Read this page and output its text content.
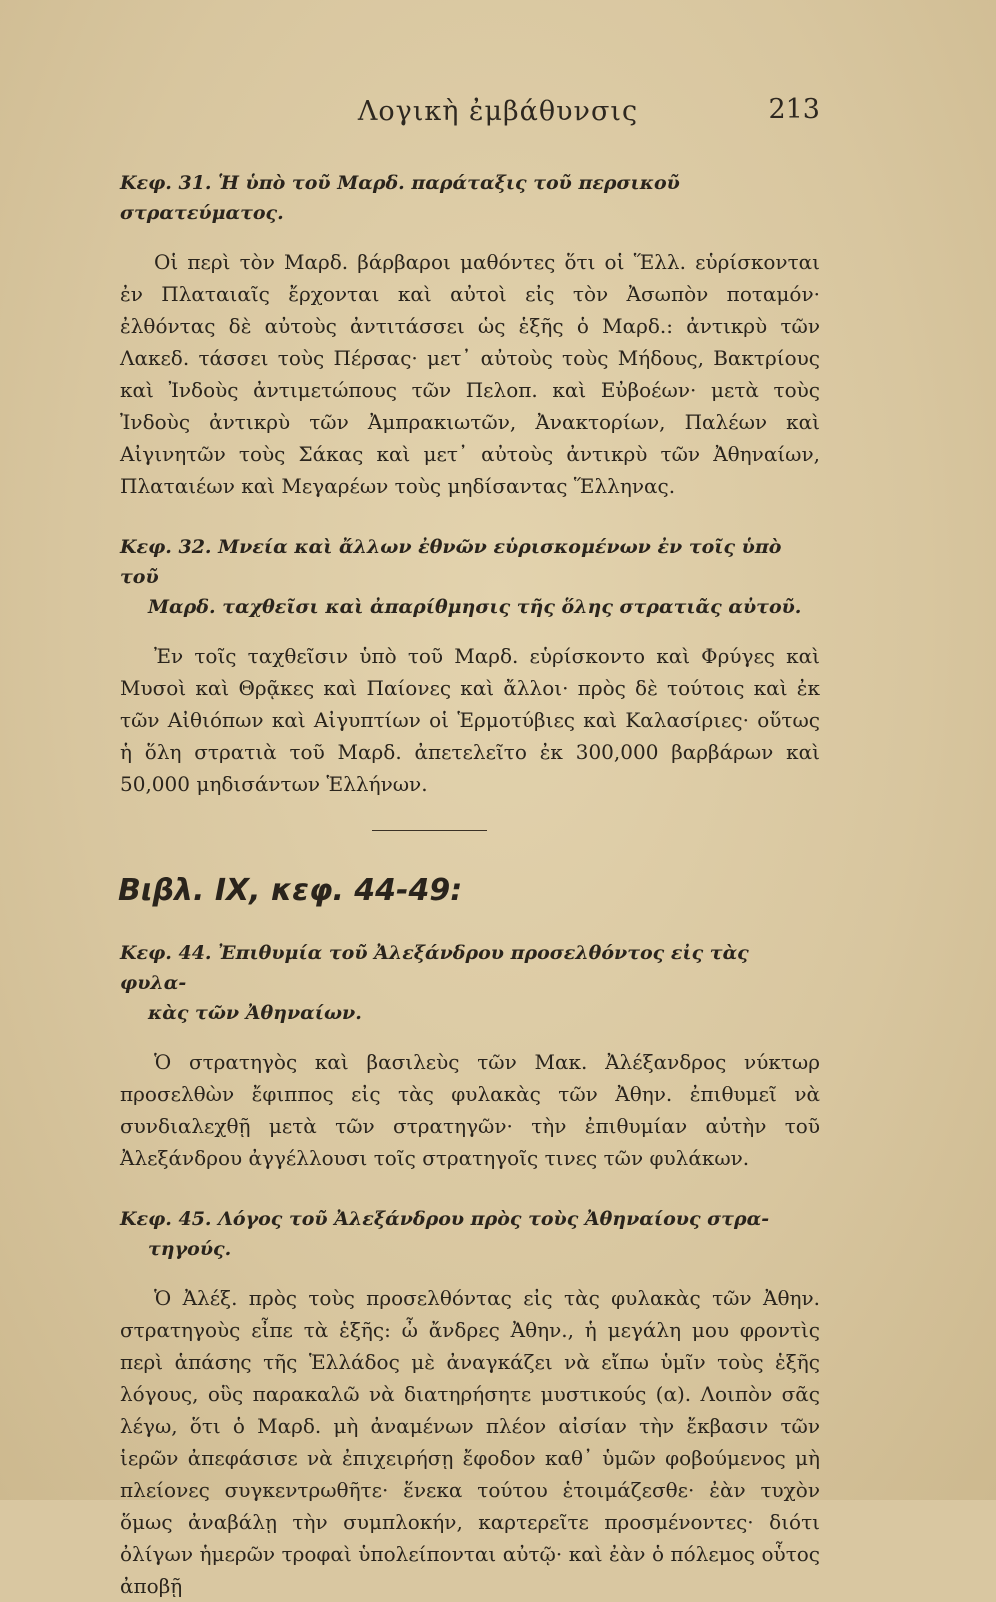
Λογικὴ ἐμβάθυνσις	213
Κεφ. 31. Ἡ ὑπὸ τοῦ Μαρδ. παράταξις τοῦ περσικοῦ στρατεύματος.

Οἱ περὶ τὸν Μαρδ. βάρβαροι μαθόντες ὅτι οἱ Ἕλλ. εὑρίσκονται ἐν Πλαταιαῖς ἔρχονται καὶ αὐτοὶ εἰς τὸν Ἀσωπὸν ποταμόν· ἐλθόντας δὲ αὐτοὺς ἀντιτάσσει ὡς ἑξῆς ὁ Μαρδ.: ἀντικρὺ τῶν Λακεδ. τάσσει τοὺς Πέρσας· μετ᾽ αὐτοὺς τοὺς Μήδους, Βακτρίους καὶ Ἰνδοὺς ἀντιμετώπους τῶν Πελοπ. καὶ Εὐβοέων· μετὰ τοὺς Ἰνδοὺς ἀντικρὺ τῶν Ἀμπρακιωτῶν, Ἀνακτορίων, Παλέων καὶ Αἰγινητῶν τοὺς Σάκας καὶ μετ᾽ αὐτοὺς ἀντικρὺ τῶν Ἀθηναίων, Πλαταιέων καὶ Μεγαρέων τοὺς μηδίσαντας Ἕλληνας.

Κεφ. 32. Μνεία καὶ ἄλλων ἐθνῶν εὑρισκομένων ἐν τοῖς ὑπὸ τοῦ
Μαρδ. ταχθεῖσι καὶ ἀπαρίθμησις τῆς ὅλης στρατιᾶς αὐτοῦ.

Ἐν τοῖς ταχθεῖσιν ὑπὸ τοῦ Μαρδ. εὑρίσκοντο καὶ Φρύγες καὶ Μυσοὶ καὶ Θρᾷκες καὶ Παίονες καὶ ἄλλοι· πρὸς δὲ τούτοις καὶ ἐκ τῶν Αἰθιόπων καὶ Αἰγυπτίων οἱ Ἑρμοτύβιες καὶ Καλασίριες· οὕτως ἡ ὅλη στρατιὰ τοῦ Μαρδ. ἀπετελεῖτο ἐκ 300,000 βαρβάρων καὶ 50,000 μηδισάντων Ἑλλήνων.

Βιβλ. IX, κεφ. 44-49:
Κεφ. 44. Ἐπιθυμία τοῦ Ἀλεξάνδρου προσελθόντος εἰς τὰς φυλα-
κὰς τῶν Ἀθηναίων.

Ὁ στρατηγὸς καὶ βασιλεὺς τῶν Μακ. Ἀλέξανδρος νύκτωρ προσελθὼν ἔφιππος εἰς τὰς φυλακὰς τῶν Ἀθην. ἐπιθυμεῖ νὰ συνδιαλεχθῇ μετὰ τῶν στρατηγῶν· τὴν ἐπιθυμίαν αὐτὴν τοῦ Ἀλεξάνδρου ἀγγέλλουσι τοῖς στρατηγοῖς τινες τῶν φυλάκων.

Κεφ. 45. Λόγος τοῦ Ἀλεξάνδρου πρὸς τοὺς Ἀθηναίους στρα-
τηγούς.

Ὁ Ἀλέξ. πρὸς τοὺς προσελθόντας εἰς τὰς φυλακὰς τῶν Ἀθην. στρατηγοὺς εἶπε τὰ ἑξῆς: ὦ ἄνδρες Ἀθην., ἡ μεγάλη μου φροντὶς περὶ ἁπάσης τῆς Ἑλλάδος μὲ ἀναγκάζει νὰ εἴπω ὑμῖν τοὺς ἑξῆς λόγους, οὓς παρακαλῶ νὰ διατηρήσητε μυστικούς (α). Λοιπὸν σᾶς λέγω, ὅτι ὁ Μαρδ. μὴ ἀναμένων πλέον αἰσίαν τὴν ἔκβασιν τῶν ἱερῶν ἀπεφάσισε νὰ ἐπιχειρήσῃ ἔφοδον καθ᾽ ὑμῶν φοβούμενος μὴ πλείονες συγκεντρωθῆτε· ἕνεκα τούτου ἑτοιμάζεσθε· ἐὰν τυχὸν ὅμως ἀναβάλῃ τὴν συμπλοκήν, καρτερεῖτε προσμένοντες· διότι ὀλίγων ἡμερῶν τροφαὶ ὑπολείπονται αὐτῷ· καὶ ἐὰν ὁ πόλεμος οὗτος ἀποβῇ
